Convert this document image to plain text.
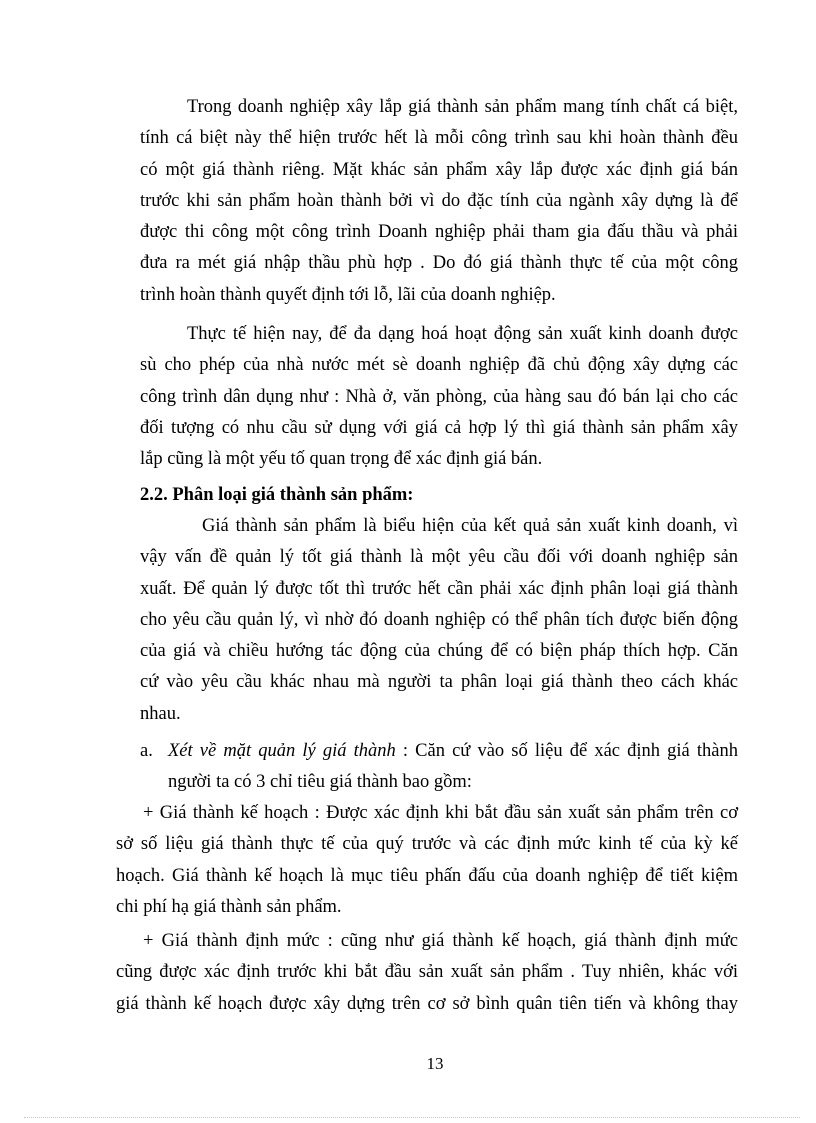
Trong doanh nghiệp xây lắp giá thành sản phẩm mang tính chất cá biệt,
tính cá biệt này thể hiện trước hết là mỗi công trình sau khi hoàn thành đều
có một giá thành riêng. Mặt khác sản phẩm xây lắp được xác định giá bán
trước khi sản phẩm hoàn thành bởi vì do đặc tính của ngành xây dựng là để
được thi công một công trình Doanh nghiệp phải tham gia đấu thầu và phải
đưa ra mét giá nhập thầu phù hợp . Do đó giá thành thực tế của một công
trình hoàn thành quyết định tới lỗ, lãi của doanh nghiệp.
Thực tế hiện nay, để đa dạng hoá hoạt động sản xuất kinh doanh được
sù cho phép của nhà nước mét sè doanh nghiệp đã chủ động xây dựng các
công trình dân dụng như : Nhà ở, văn phòng, của hàng sau đó bán lại cho các
đối tượng có nhu cầu sử dụng với giá cả hợp lý thì giá thành sản phẩm xây
lắp cũng là một yếu tố quan trọng để xác định giá bán.
2.2. Phân loại giá thành sản phẩm:
Giá thành sản phẩm là biểu hiện của kết quả sản xuất kinh doanh, vì
vậy vấn đề quản lý tốt giá thành là một yêu cầu đối với doanh nghiệp sản
xuất. Để quản lý được tốt thì trước hết cần phải xác định phân loại giá thành
cho yêu cầu quản lý, vì nhờ đó doanh nghiệp có thể phân tích được biến động
của giá và chiều hướng tác động của chúng để có biện pháp thích hợp. Căn
cứ vào yêu cầu khác nhau mà người ta phân loại giá thành theo cách khác
nhau.
a. Xét về mặt quản lý giá thành : Căn cứ vào số liệu để xác định giá thành
người ta có 3 chỉ tiêu giá thành bao gồm:
+ Giá thành kế hoạch : Được xác định khi bắt đầu sản xuất sản phẩm trên cơ
sở số liệu giá thành thực tế của quý trước và các định mức kinh tế của kỳ kế
hoạch. Giá thành kế hoạch là mục tiêu phấn đấu của doanh nghiệp để tiết kiệm
chi phí hạ giá thành sản phẩm.
+ Giá thành định mức : cũng như giá thành kế hoạch, giá thành định mức
cũng được xác định trước khi bắt đầu sản xuất sản phẩm . Tuy nhiên, khác với
giá thành kế hoạch được xây dựng trên cơ sở bình quân tiên tiến và không thay
13
